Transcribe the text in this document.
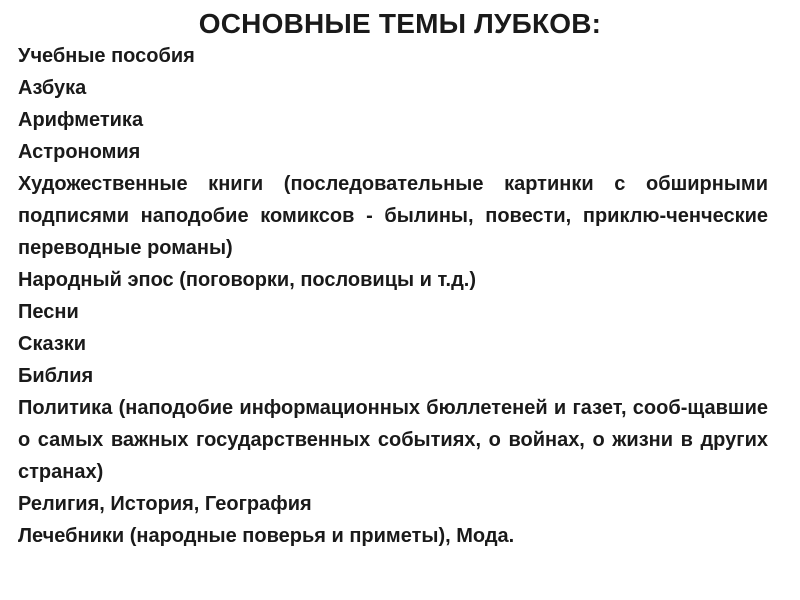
ОСНОВНЫЕ ТЕМЫ ЛУБКОВ:
Учебные пособия
Азбука
Арифметика
Астрономия
Художественные книги (последовательные картинки с обширными подписями наподобие комиксов - былины, повести, приклю-ченческие переводные романы)
Народный эпос (поговорки, пословицы и т.д.)
Песни
Сказки
Библия
Политика (наподобие информационных бюллетеней и газет, сооб-щавшие о самых важных государственных событиях, о войнах, о жизни в других странах)
Религия, История, География
Лечебники (народные поверья и приметы), Мода.
